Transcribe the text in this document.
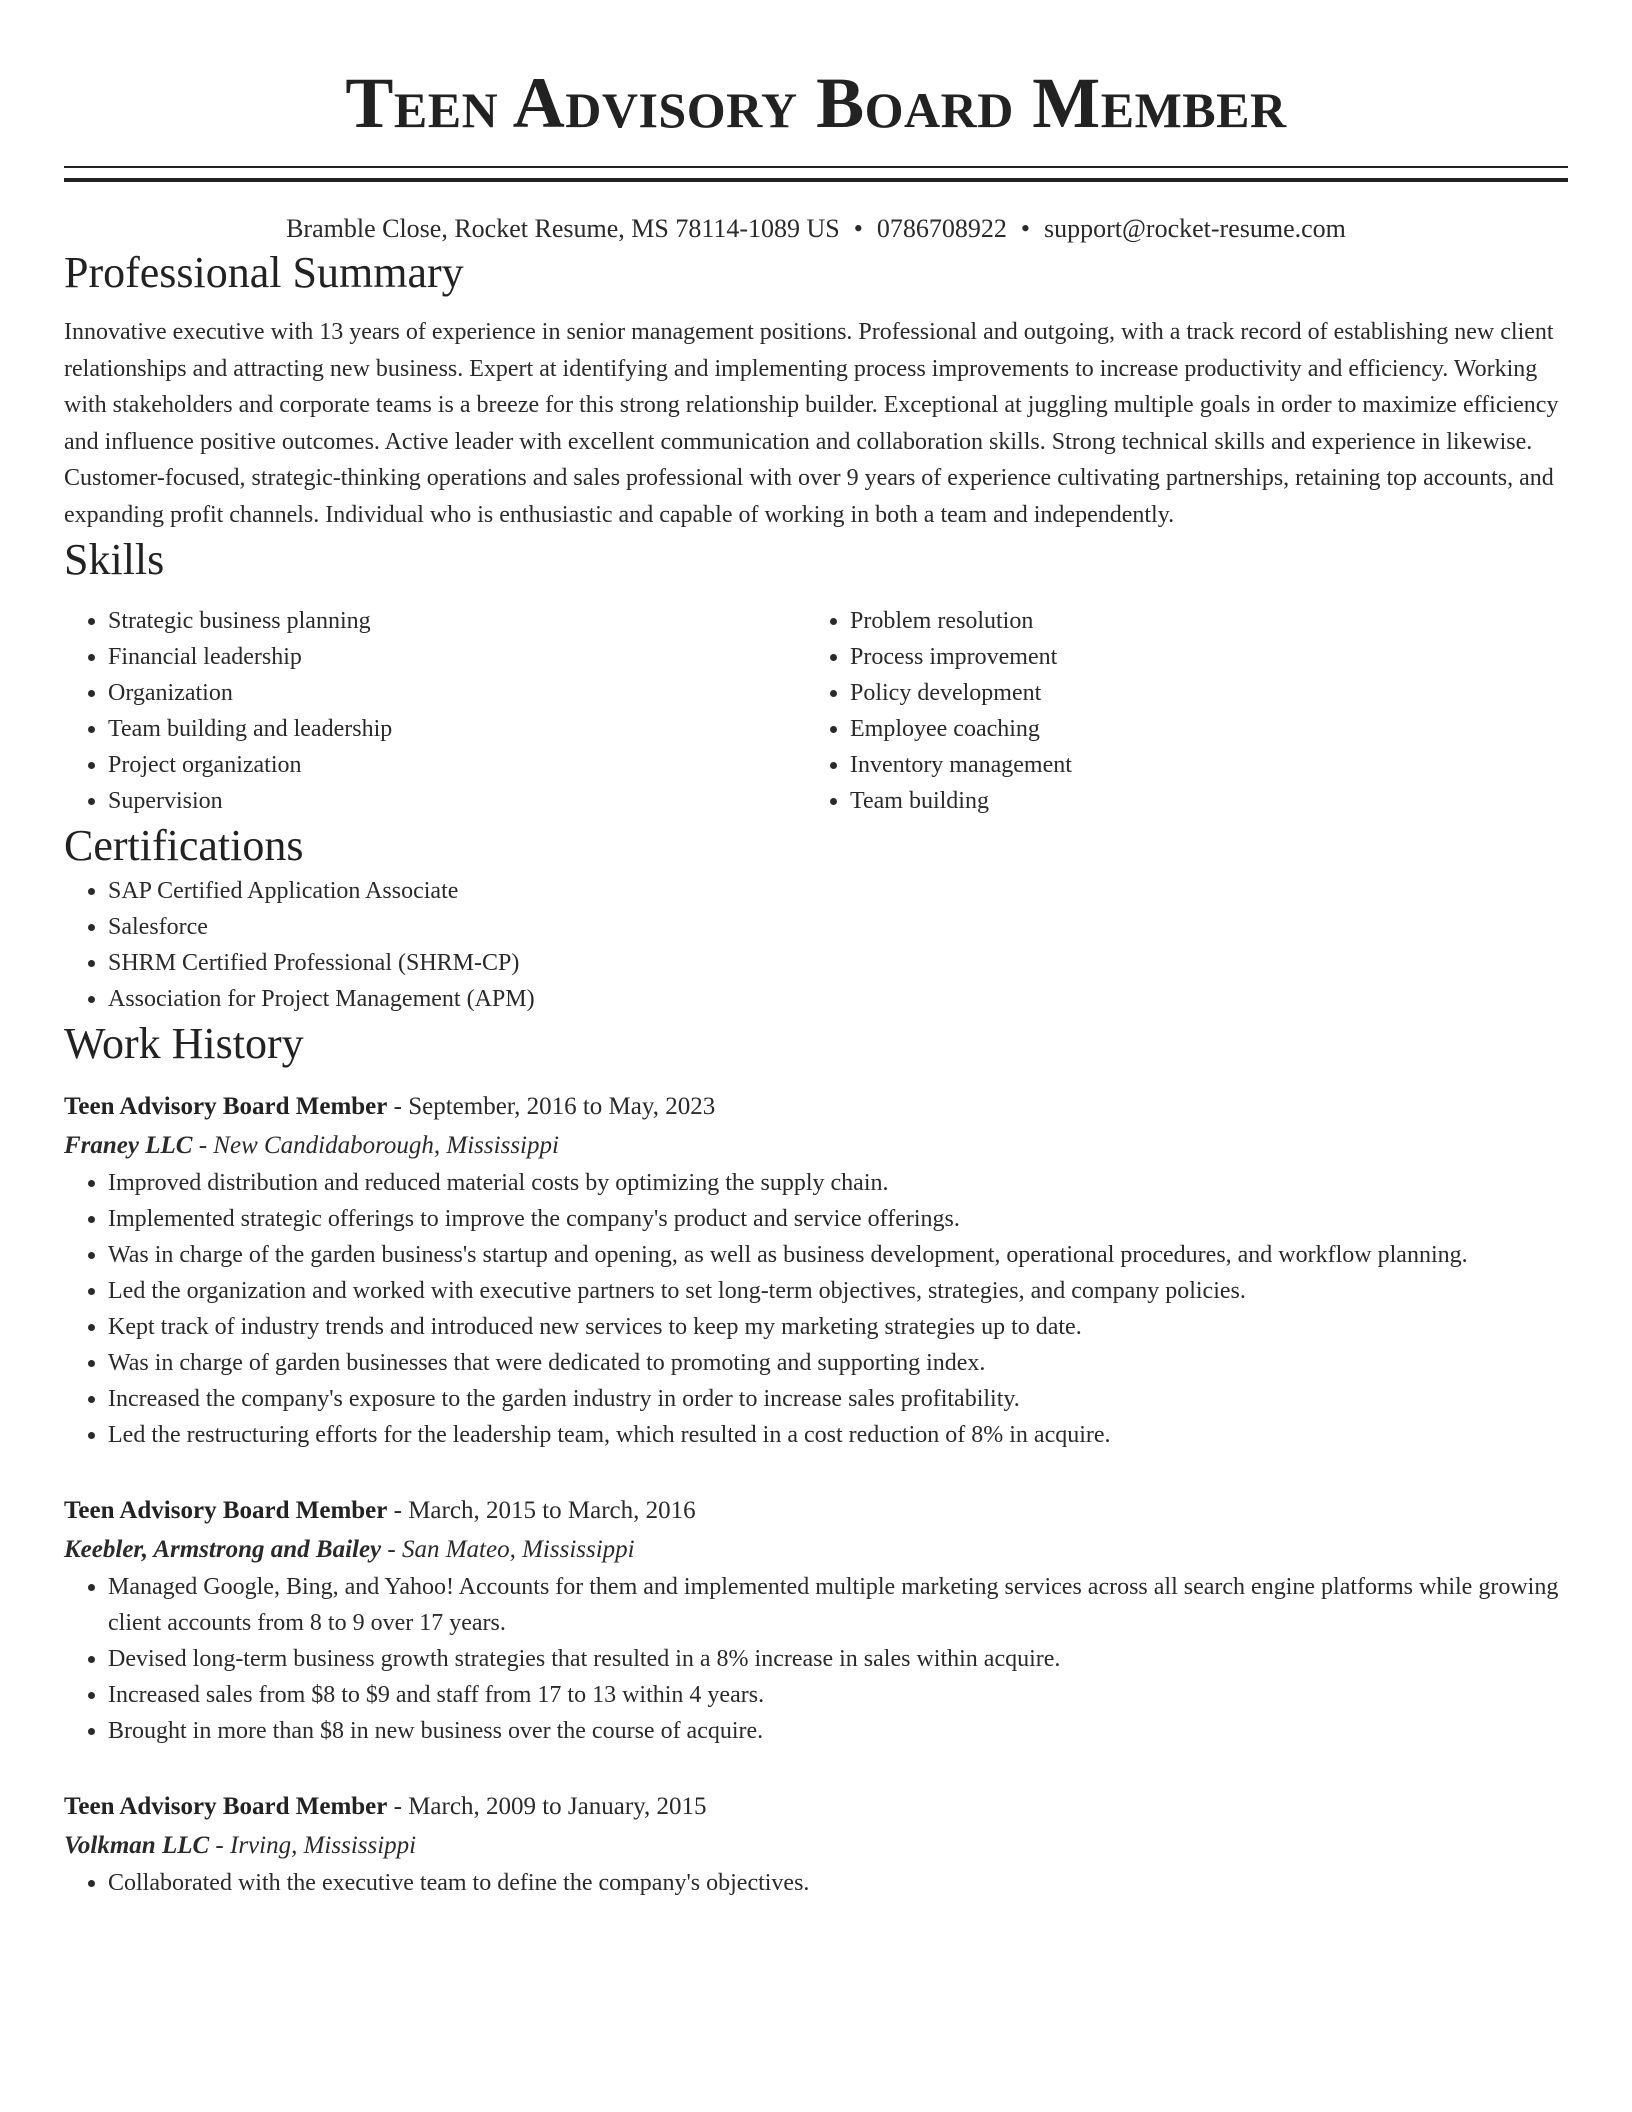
Teen Advisory Board Member
Bramble Close, Rocket Resume, MS 78114-1089 US • 0786708922 • support@rocket-resume.com
Professional Summary
Innovative executive with 13 years of experience in senior management positions. Professional and outgoing, with a track record of establishing new client relationships and attracting new business. Expert at identifying and implementing process improvements to increase productivity and efficiency. Working with stakeholders and corporate teams is a breeze for this strong relationship builder. Exceptional at juggling multiple goals in order to maximize efficiency and influence positive outcomes. Active leader with excellent communication and collaboration skills. Strong technical skills and experience in likewise. Customer-focused, strategic-thinking operations and sales professional with over 9 years of experience cultivating partnerships, retaining top accounts, and expanding profit channels. Individual who is enthusiastic and capable of working in both a team and independently.
Skills
• Strategic business planning
• Financial leadership
• Organization
• Team building and leadership
• Project organization
• Supervision
• Problem resolution
• Process improvement
• Policy development
• Employee coaching
• Inventory management
• Team building
Certifications
• SAP Certified Application Associate
• Salesforce
• SHRM Certified Professional (SHRM-CP)
• Association for Project Management (APM)
Work History
Teen Advisory Board Member - September, 2016 to May, 2023
Franey LLC - New Candidaborough, Mississippi
• Improved distribution and reduced material costs by optimizing the supply chain.
• Implemented strategic offerings to improve the company's product and service offerings.
• Was in charge of the garden business's startup and opening, as well as business development, operational procedures, and workflow planning.
• Led the organization and worked with executive partners to set long-term objectives, strategies, and company policies.
• Kept track of industry trends and introduced new services to keep my marketing strategies up to date.
• Was in charge of garden businesses that were dedicated to promoting and supporting index.
• Increased the company's exposure to the garden industry in order to increase sales profitability.
• Led the restructuring efforts for the leadership team, which resulted in a cost reduction of 8% in acquire.
Teen Advisory Board Member - March, 2015 to March, 2016
Keebler, Armstrong and Bailey - San Mateo, Mississippi
• Managed Google, Bing, and Yahoo! Accounts for them and implemented multiple marketing services across all search engine platforms while growing client accounts from 8 to 9 over 17 years.
• Devised long-term business growth strategies that resulted in a 8% increase in sales within acquire.
• Increased sales from $8 to $9 and staff from 17 to 13 within 4 years.
• Brought in more than $8 in new business over the course of acquire.
Teen Advisory Board Member - March, 2009 to January, 2015
Volkman LLC - Irving, Mississippi
• Collaborated with the executive team to define the company's objectives.
